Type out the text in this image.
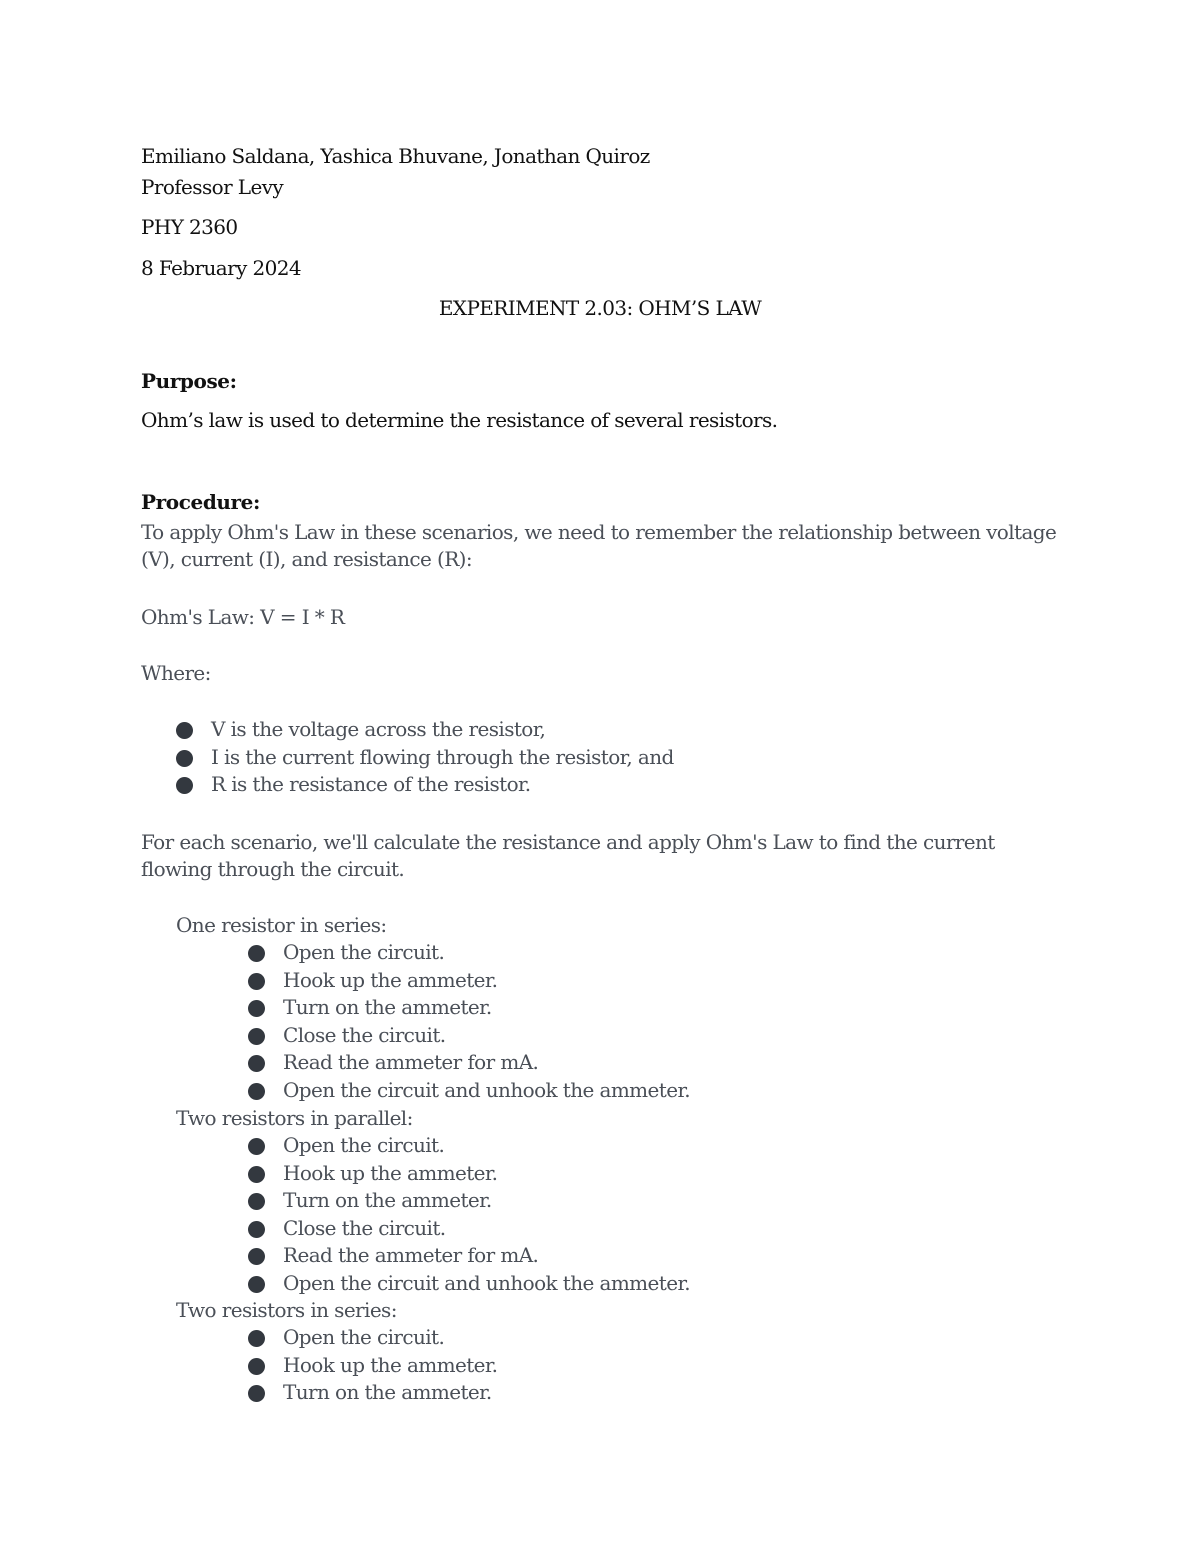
Emiliano Saldana, Yashica Bhuvane, Jonathan Quiroz

Professor Levy

PHY 2360

8 February 2024

EXPERIMENT 2.03: OHM’S LAW

Purpose:

Ohm’s law is used to determine the resistance of several resistors.

Procedure:

To apply Ohm's Law in these scenarios, we need to remember the relationship between voltage (V), current (I), and resistance (R):

Ohm's Law: V = I * R

Where:

V is the voltage across the resistor,
I is the current flowing through the resistor, and
R is the resistance of the resistor.

For each scenario, we'll calculate the resistance and apply Ohm's Law to find the current flowing through the circuit.

One resistor in series:

Open the circuit.
Hook up the ammeter.
Turn on the ammeter.
Close the circuit.
Read the ammeter for mA.
Open the circuit and unhook the ammeter.

Two resistors in parallel:

Open the circuit.
Hook up the ammeter.
Turn on the ammeter.
Close the circuit.
Read the ammeter for mA.
Open the circuit and unhook the ammeter.

Two resistors in series:

Open the circuit.
Hook up the ammeter.
Turn on the ammeter.
